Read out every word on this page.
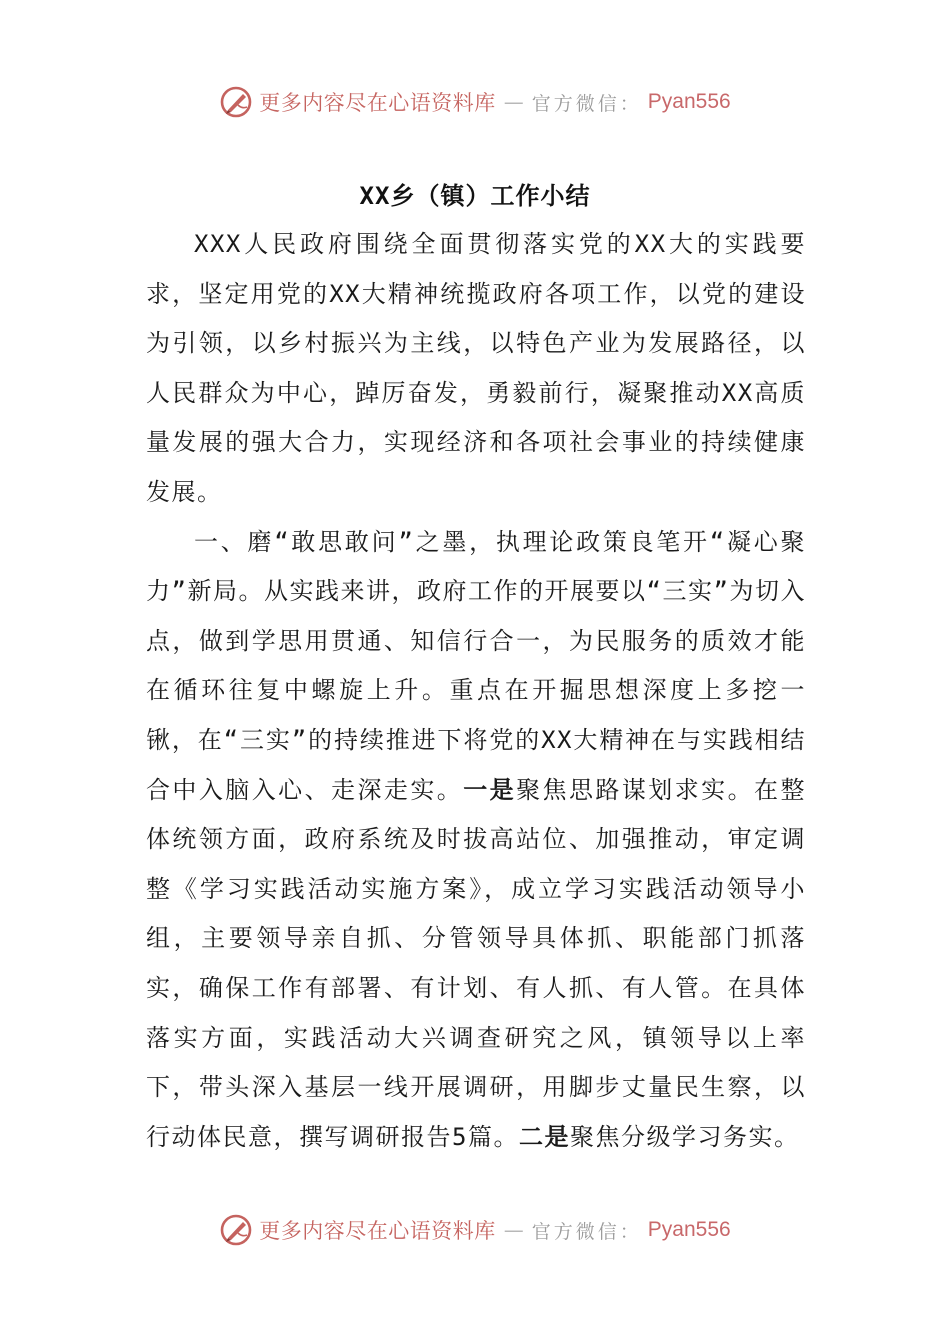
更多内容尽在心语资料库 — 官方微信： Pyan556
XX乡（镇）工作小结

XXX人民政府围绕全面贯彻落实党的XX大的实践要求，坚定用党的XX大精神统揽政府各项工作，以党的建设为引领，以乡村振兴为主线，以特色产业为发展路径，以人民群众为中心，踔厉奋发，勇毅前行，凝聚推动XX高质量发展的强大合力，实现经济和各项社会事业的持续健康发展。

一、磨“敢思敢问”之墨，执理论政策良笔开“凝心聚力”新局。从实践来讲，政府工作的开展要以“三实”为切入点，做到学思用贯通、知信行合一，为民服务的质效才能在循环往复中螺旋上升。重点在开掘思想深度上多挖一锹，在“三实”的持续推进下将党的XX大精神在与实践相结合中入脑入心、走深走实。一是聚焦思路谋划求实。在整体统领方面，政府系统及时拔高站位、加强推动，审定调整《学习实践活动实施方案》，成立学习实践活动领导小组，主要领导亲自抓、分管领导具体抓、职能部门抓落实，确保工作有部署、有计划、有人抓、有人管。在具体落实方面，实践活动大兴调查研究之风，镇领导以上率下，带头深入基层一线开展调研，用脚步丈量民生察，以行动体民意，撰写调研报告5篇。二是聚焦分级学习务实。

更多内容尽在心语资料库 — 官方微信： Pyan556
